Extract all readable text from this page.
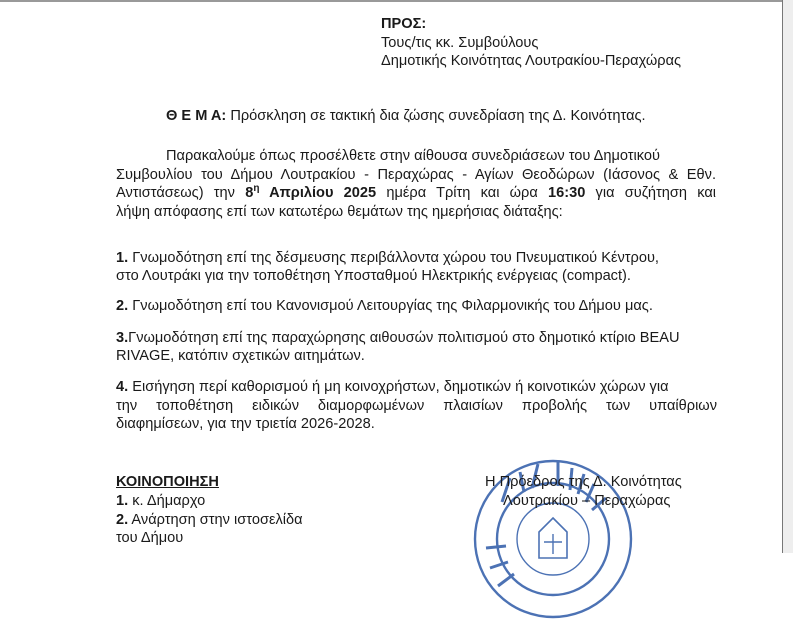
ΠΡΟΣ:
Τους/τις κκ. Συμβούλους
Δημοτικής Κοινότητας Λουτρακίου-Περαχώρας
Θ Ε Μ Α: Πρόσκληση σε τακτική δια ζώσης συνεδρίαση της Δ. Κοινότητας.
Παρακαλούμε όπως προσέλθετε στην αίθουσα συνεδριάσεων του Δημοτικού
Συμβουλίου του Δήμου Λουτρακίου - Περαχώρας - Αγίων Θεοδώρων (Ιάσονος & Εθν.
Αντιστάσεως) την $8^\eta$ Απριλίου 2025 ημέρα Τρίτη και ώρα 16:30 για συζήτηση και
λήψη απόφασης επί των κατωτέρω θεμάτων της ημερήσιας διάταξης:
1. Γνωμοδότηση επί της δέσμευσης περιβάλλοντα χώρου του Πνευματικού Κέντρου,
στο Λουτράκι για την τοποθέτηση Υποσταθμού Ηλεκτρικής ενέργειας (compact).
2. Γνωμοδότηση επί του Κανονισμού Λειτουργίας της Φιλαρμονικής του Δήμου μας.
3.Γνωμοδότηση επί της παραχώρησης αιθουσών πολιτισμού στο δημοτικό κτίριο BEAU
RIVAGE, κατόπιν σχετικών αιτημάτων.
4. Εισήγηση περί καθορισμού ή μη κοινοχρήστων, δημοτικών ή κοινοτικών χώρων για
την τοποθέτηση ειδικών διαμορφωμένων πλαισίων προβολής των υπαίθριων
διαφημίσεων, για την τριετία 2026-2028.
ΚΟΙΝΟΠΟΙΗΣΗ
1. κ. Δήμαρχο
2. Ανάρτηση στην ιστοσελίδα
του Δήμου
Η Πρόεδρος της Δ. Κοινότητας
Λουτρακίου – Περαχώρας
